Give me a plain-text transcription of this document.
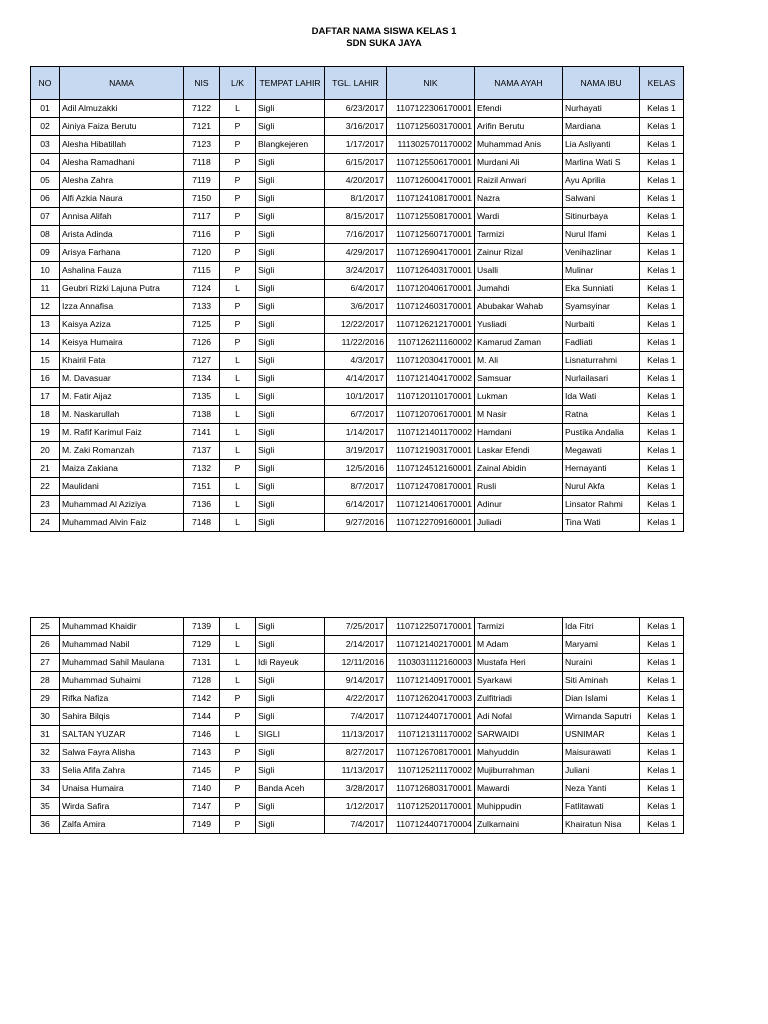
DAFTAR NAMA SISWA KELAS 1
SDN SUKA JAYA
NO	NAMA	NIS	L/K	TEMPAT LAHIR	TGL. LAHIR	NIK	NAMA AYAH	NAMA IBU	KELAS
01	Adil Almuzakki	7122	L	Sigli	6/23/2017	1107122306170001	Efendi	Nurhayati	Kelas 1
02	Ainiya Faiza Berutu	7121	P	Sigli	3/16/2017	1107125603170001	Arifin Berutu	Mardiana	Kelas 1
03	Alesha Hibatillah	7123	P	Blangkejeren	1/17/2017	1113025701170002	Muhammad Anis	Lia Asliyanti	Kelas 1
04	Alesha Ramadhani	7118	P	Sigli	6/15/2017	1107125506170001	Murdani Ali	Marlina Wati S	Kelas 1
05	Alesha Zahra	7119	P	Sigli	4/20/2017	1107126004170001	Raizil Anwari	Ayu Aprilia	Kelas 1
06	Alfi Azkia Naura	7150	P	Sigli	8/1/2017	1107124108170001	Nazra	Salwani	Kelas 1
07	Annisa Alifah	7117	P	Sigli	8/15/2017	1107125508170001	Wardi	Sitinurbaya	Kelas 1
08	Arista Adinda	7116	P	Sigli	7/16/2017	1107125607170001	Tarmizi	Nurul Ifami	Kelas 1
09	Arisya Farhana	7120	P	Sigli	4/29/2017	1107126904170001	Zainur Rizal	Venihazlinar	Kelas 1
10	Ashalina Fauza	7115	P	Sigli	3/24/2017	1107126403170001	Usalli	Mulinar	Kelas 1
11	Geubri Rizki Lajuna Putra	7124	L	Sigli	6/4/2017	1107120406170001	Jumahdi	Eka Sunniati	Kelas 1
12	Izza Annafisa	7133	P	Sigli	3/6/2017	1107124603170001	Abubakar Wahab	Syamsyinar	Kelas 1
13	Kaisya Aziza	7125	P	Sigli	12/22/2017	1107126212170001	Yusliadi	Nurbaiti	Kelas 1
14	Keisya Humaira	7126	P	Sigli	11/22/2016	1107126211160002	Kamarud Zaman	Fadliati	Kelas 1
15	Khairil Fata	7127	L	Sigli	4/3/2017	1107120304170001	M. Ali	Lisnaturrahmi	Kelas 1
16	M. Davasuar	7134	L	Sigli	4/14/2017	1107121404170002	Samsuar	Nurlailasari	Kelas 1
17	M. Fatir Aijaz	7135	L	Sigli	10/1/2017	1107120110170001	Lukman	Ida Wati	Kelas 1
18	M. Naskarullah	7138	L	Sigli	6/7/2017	1107120706170001	M Nasir	Ratna	Kelas 1
19	M. Rafif Karimul Faiz	7141	L	Sigli	1/14/2017	1107121401170002	Hamdani	Pustika Andalia	Kelas 1
20	M. Zaki Romanzah	7137	L	Sigli	3/19/2017	1107121903170001	Laskar Efendi	Megawati	Kelas 1
21	Maiza Zakiana	7132	P	Sigli	12/5/2016	1107124512160001	Zainal Abidin	Hernayanti	Kelas 1
22	Maulidani	7151	L	Sigli	8/7/2017	1107124708170001	Rusli	Nurul Akfa	Kelas 1
23	Muhammad Al Aziziya	7136	L	Sigli	6/14/2017	1107121406170001	Adinur	Linsator Rahmi	Kelas 1
24	Muhammad Alvin Faiz	7148	L	Sigli	9/27/2016	1107122709160001	Juliadi	Tina Wati	Kelas 1
25	Muhammad Khaidir	7139	L	Sigli	7/25/2017	1107122507170001	Tarmizi	Ida Fitri	Kelas 1
26	Muhammad Nabil	7129	L	Sigli	2/14/2017	1107121402170001	M Adam	Maryami	Kelas 1
27	Muhammad Sahil Maulana	7131	L	Idi Rayeuk	12/11/2016	1103031112160003	Mustafa Heri	Nuraini	Kelas 1
28	Muhammad Suhaimi	7128	L	Sigli	9/14/2017	1107121409170001	Syarkawi	Siti Aminah	Kelas 1
29	Rifka Nafiza	7142	P	Sigli	4/22/2017	1107126204170003	Zulfitriadi	Dian Islami	Kelas 1
30	Sahira Bilqis	7144	P	Sigli	7/4/2017	1107124407170001	Adi Nofal	Wirnanda Saputri	Kelas 1
31	SALTAN YUZAR	7146	L	SIGLI	11/13/2017	1107121311170002	SARWAIDI	USNIMAR	Kelas 1
32	Salwa Fayra Alisha	7143	P	Sigli	8/27/2017	1107126708170001	Mahyuddin	Maisurawati	Kelas 1
33	Selia Afifa Zahra	7145	P	Sigli	11/13/2017	1107125211170002	Mujiburrahman	Juliani	Kelas 1
34	Unaisa Humaira	7140	P	Banda Aceh	3/28/2017	1107126803170001	Mawardi	Neza Yanti	Kelas 1
35	Wirda Safira	7147	P	Sigli	1/12/2017	1107125201170001	Muhippudin	Fatlitawati	Kelas 1
36	Zalfa Amira	7149	P	Sigli	7/4/2017	1107124407170004	Zulkarnaini	Khairatun Nisa	Kelas 1
